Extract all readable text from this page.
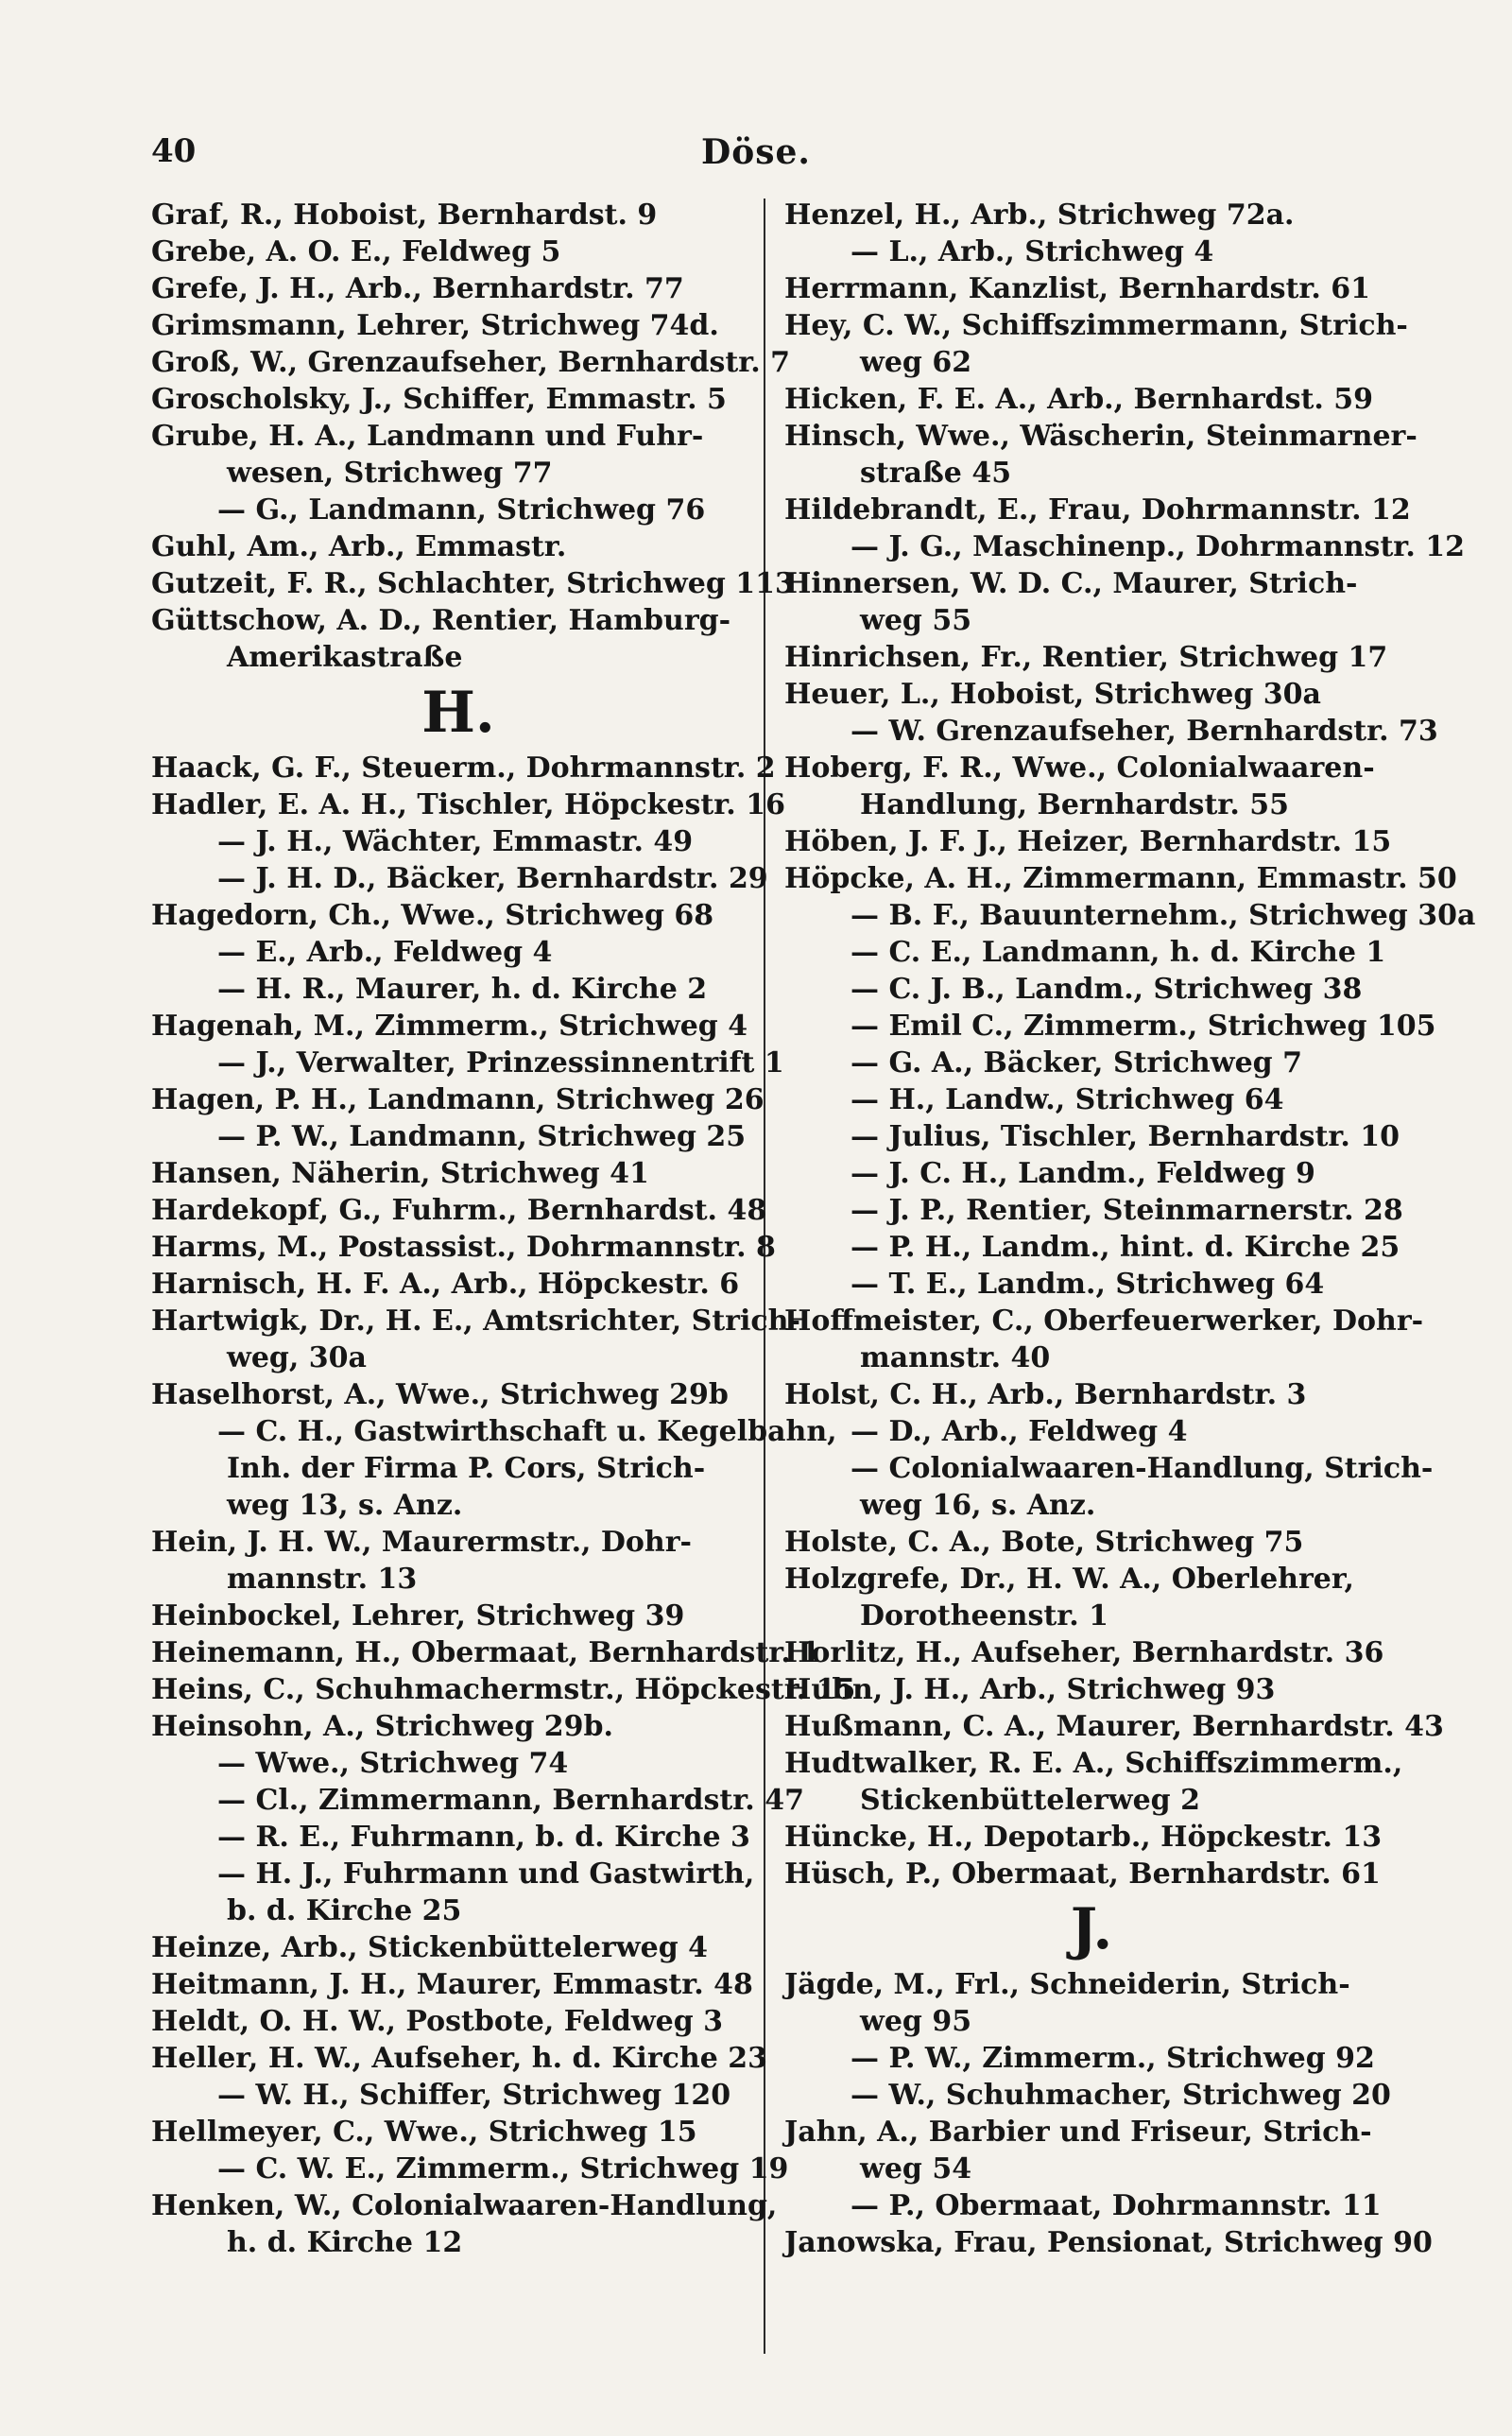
40	Döse.
Graf, R., Hoboist, Bernhardst. 9
Grebe, A. O. E., Feldweg 5
Grefe, J. H., Arb., Bernhardstr. 77
Grimsmann, Lehrer, Strichweg 74d.
Groß, W., Grenzaufseher, Bernhardstr. 7
Groscholsky, J., Schiffer, Emmastr. 5
Grube, H. A., Landmann und Fuhr-
wesen, Strichweg 77
— G., Landmann, Strichweg 76
Guhl, Am., Arb., Emmastr.
Gutzeit, F. R., Schlachter, Strichweg 113
Güttschow, A. D., Rentier, Hamburg-
Amerikastraße
H.
Haack, G. F., Steuerm., Dohrmannstr. 2
Hadler, E. A. H., Tischler, Höpckestr. 16
— J. H., Wächter, Emmastr. 49
— J. H. D., Bäcker, Bernhardstr. 29
Hagedorn, Ch., Wwe., Strichweg 68
— E., Arb., Feldweg 4
— H. R., Maurer, h. d. Kirche 2
Hagenah, M., Zimmerm., Strichweg 4
— J., Verwalter, Prinzessinnentrift 1
Hagen, P. H., Landmann, Strichweg 26
— P. W., Landmann, Strichweg 25
Hansen, Näherin, Strichweg 41
Hardekopf, G., Fuhrm., Bernhardst. 48
Harms, M., Postassist., Dohrmannstr. 8
Harnisch, H. F. A., Arb., Höpckestr. 6
Hartwigk, Dr., H. E., Amtsrichter, Strich-
weg, 30a
Haselhorst, A., Wwe., Strichweg 29b
— C. H., Gastwirthschaft u. Kegelbahn,
Inh. der Firma P. Cors, Strich-
weg 13, s. Anz.
Hein, J. H. W., Maurermstr., Dohr-
mannstr. 13
Heinbockel, Lehrer, Strichweg 39
Heinemann, H., Obermaat, Bernhardstr. 1
Heins, C., Schuhmachermstr., Höpckestr. 15
Heinsohn, A., Strichweg 29b.
— Wwe., Strichweg 74
— Cl., Zimmermann, Bernhardstr. 47
— R. E., Fuhrmann, b. d. Kirche 3
— H. J., Fuhrmann und Gastwirth,
b. d. Kirche 25
Heinze, Arb., Stickenbüttelerweg 4
Heitmann, J. H., Maurer, Emmastr. 48
Heldt, O. H. W., Postbote, Feldweg 3
Heller, H. W., Aufseher, h. d. Kirche 23
— W. H., Schiffer, Strichweg 120
Hellmeyer, C., Wwe., Strichweg 15
— C. W. E., Zimmerm., Strichweg 19
Henken, W., Colonialwaaren-Handlung,
h. d. Kirche 12
Henzel, H., Arb., Strichweg 72a.
— L., Arb., Strichweg 4
Herrmann, Kanzlist, Bernhardstr. 61
Hey, C. W., Schiffszimmermann, Strich-
weg 62
Hicken, F. E. A., Arb., Bernhardst. 59
Hinsch, Wwe., Wäscherin, Steinmarner-
straße 45
Hildebrandt, E., Frau, Dohrmannstr. 12
— J. G., Maschinenp., Dohrmannstr. 12
Hinnersen, W. D. C., Maurer, Strich-
weg 55
Hinrichsen, Fr., Rentier, Strichweg 17
Heuer, L., Hoboist, Strichweg 30a
— W. Grenzaufseher, Bernhardstr. 73
Hoberg, F. R., Wwe., Colonialwaaren-
Handlung, Bernhardstr. 55
Höben, J. F. J., Heizer, Bernhardstr. 15
Höpcke, A. H., Zimmermann, Emmastr. 50
— B. F., Bauunternehm., Strichweg 30a
— C. E., Landmann, h. d. Kirche 1
— C. J. B., Landm., Strichweg 38
— Emil C., Zimmerm., Strichweg 105
— G. A., Bäcker, Strichweg 7
— H., Landw., Strichweg 64
— Julius, Tischler, Bernhardstr. 10
— J. C. H., Landm., Feldweg 9
— J. P., Rentier, Steinmarnerstr. 28
— P. H., Landm., hint. d. Kirche 25
— T. E., Landm., Strichweg 64
Hoffmeister, C., Oberfeuerwerker, Dohr-
mannstr. 40
Holst, C. H., Arb., Bernhardstr. 3
— D., Arb., Feldweg 4
— Colonialwaaren-Handlung, Strich-
weg 16, s. Anz.
Holste, C. A., Bote, Strichweg 75
Holzgrefe, Dr., H. W. A., Oberlehrer,
Dorotheenstr. 1
Horlitz, H., Aufseher, Bernhardstr. 36
Huhn, J. H., Arb., Strichweg 93
Hußmann, C. A., Maurer, Bernhardstr. 43
Hudtwalker, R. E. A., Schiffszimmerm.,
Stickenbüttelerweg 2
Hüncke, H., Depotarb., Höpckestr. 13
Hüsch, P., Obermaat, Bernhardstr. 61
J.
Jägde, M., Frl., Schneiderin, Strich-
weg 95
— P. W., Zimmerm., Strichweg 92
— W., Schuhmacher, Strichweg 20
Jahn, A., Barbier und Friseur, Strich-
weg 54
— P., Obermaat, Dohrmannstr. 11
Janowska, Frau, Pensionat, Strichweg 90
